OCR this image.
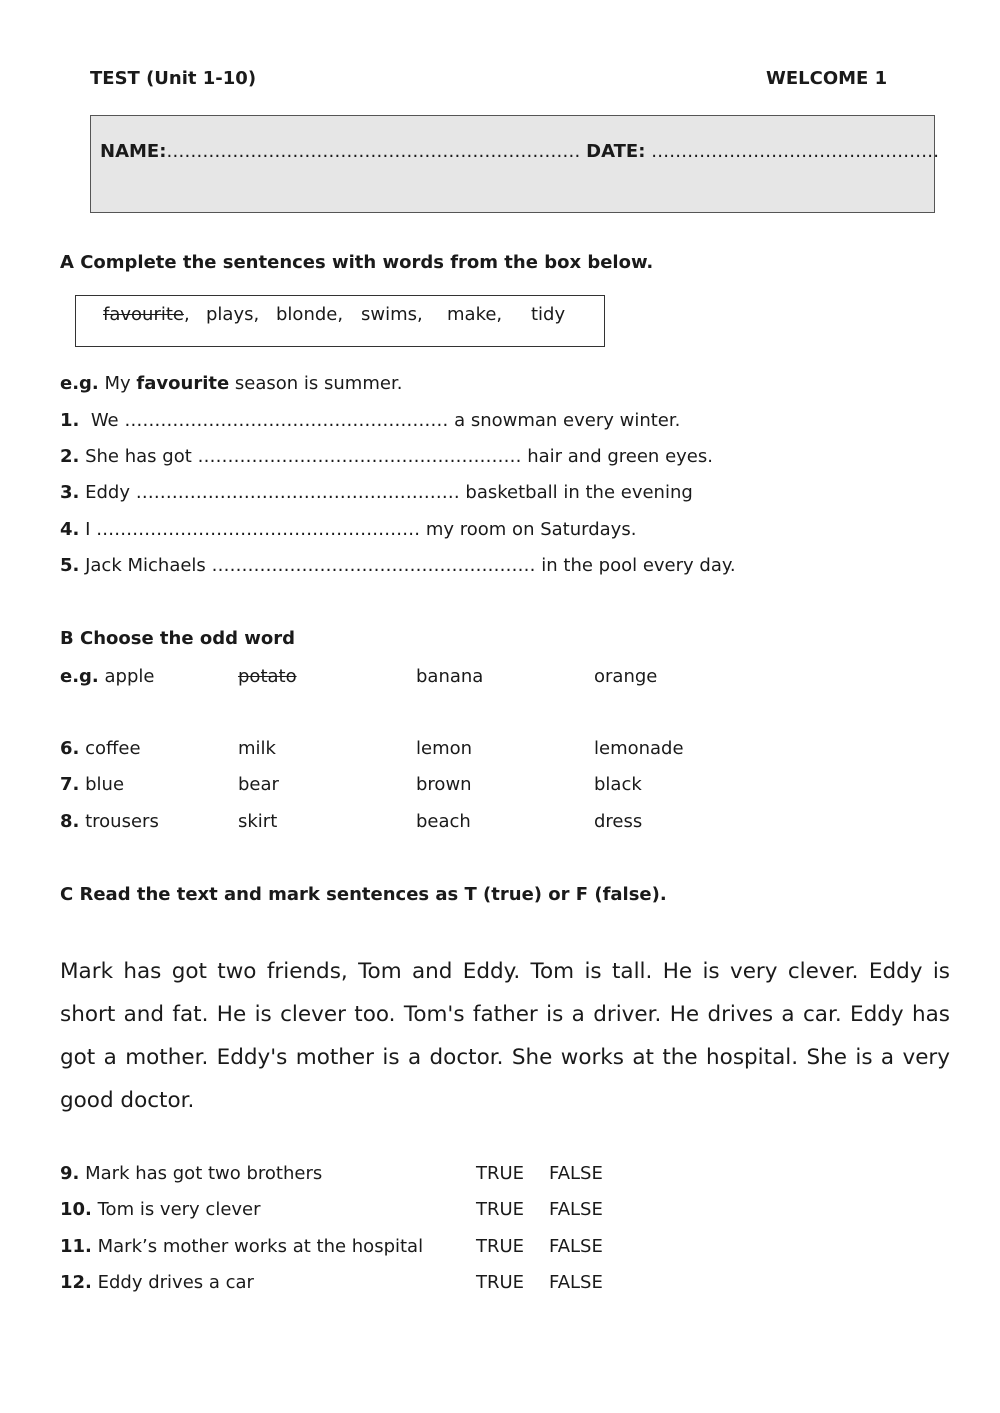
TEST (Unit 1-10)	WELCOME 1
NAME:…………………………………………………………… DATE: …………………………………………
A Complete the sentences with words from the box below.
favourite, plays, blonde, swims, make, tidy
e.g. My favourite season is summer.
1.  We ……………………………………………… a snowman every winter.
2. She has got ……………………………………………… hair and green eyes.
3. Eddy ……………………………………………… basketball in the evening
4. I ……………………………………………… my room on Saturdays.
5. Jack Michaels ……………………………………………… in the pool every day.
B Choose the odd word
e.g. apple	potato	banana	orange
6. coffee	milk	lemon	lemonade
7. blue	bear	brown	black
8. trousers	skirt	beach	dress
C Read the text and mark sentences as T (true) or F (false).

Mark has got two friends, Tom and Eddy. Tom is tall. He is very clever. Eddy is short and fat. He is clever too. Tom's father is a driver. He drives a car. Eddy has got a mother. Eddy's mother is a doctor. She works at the hospital. She is a very good doctor.

9. Mark has got two brothers	TRUE FALSE
10. Tom is very clever	TRUE FALSE
11. Mark’s mother works at the hospital	TRUE FALSE
12. Eddy drives a car	TRUE FALSE
